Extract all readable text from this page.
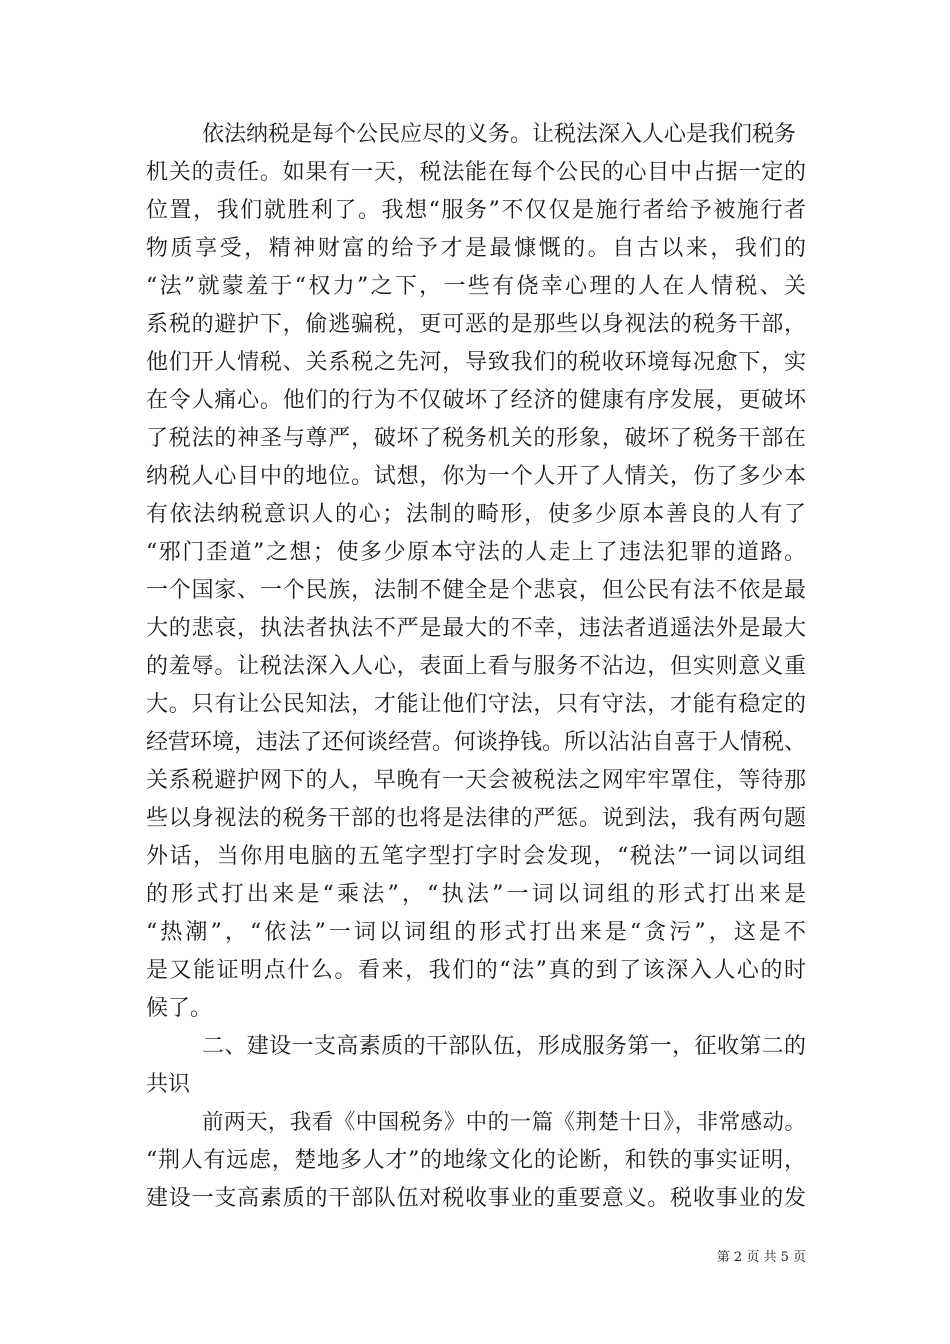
依法纳税是每个公民应尽的义务。让税法深入人心是我们税务
机关的责任。如果有一天，税法能在每个公民的心目中占据一定的
位置，我们就胜利了。我想“服务”不仅仅是施行者给予被施行者
物质享受，精神财富的给予才是最慷慨的。自古以来，我们的
“法”就蒙羞于“权力”之下，一些有侥幸心理的人在人情税、关
系税的避护下，偷逃骗税，更可恶的是那些以身视法的税务干部，
他们开人情税、关系税之先河，导致我们的税收环境每况愈下，实
在令人痛心。他们的行为不仅破坏了经济的健康有序发展，更破坏
了税法的神圣与尊严，破坏了税务机关的形象，破坏了税务干部在
纳税人心目中的地位。试想，你为一个人开了人情关，伤了多少本
有依法纳税意识人的心；法制的畸形，使多少原本善良的人有了
“邪门歪道”之想；使多少原本守法的人走上了违法犯罪的道路。
一个国家、一个民族，法制不健全是个悲哀，但公民有法不依是最
大的悲哀，执法者执法不严是最大的不幸，违法者逍遥法外是最大
的羞辱。让税法深入人心，表面上看与服务不沾边，但实则意义重
大。只有让公民知法，才能让他们守法，只有守法，才能有稳定的
经营环境，违法了还何谈经营。何谈挣钱。所以沾沾自喜于人情税、
关系税避护网下的人，早晚有一天会被税法之网牢牢罩住，等待那
些以身视法的税务干部的也将是法律的严惩。说到法，我有两句题
外话，当你用电脑的五笔字型打字时会发现，“税法”一词以词组
的形式打出来是“乘法”，“执法”一词以词组的形式打出来是
“热潮”，“依法”一词以词组的形式打出来是“贪污”，这是不
是又能证明点什么。看来，我们的“法”真的到了该深入人心的时
候了。
二、建设一支高素质的干部队伍，形成服务第一，征收第二的
共识
前两天，我看《中国税务》中的一篇《荆楚十日》，非常感动。
“荆人有远虑，楚地多人才”的地缘文化的论断，和铁的事实证明，
建设一支高素质的干部队伍对税收事业的重要意义。税收事业的发
第 2 页 共 5 页
